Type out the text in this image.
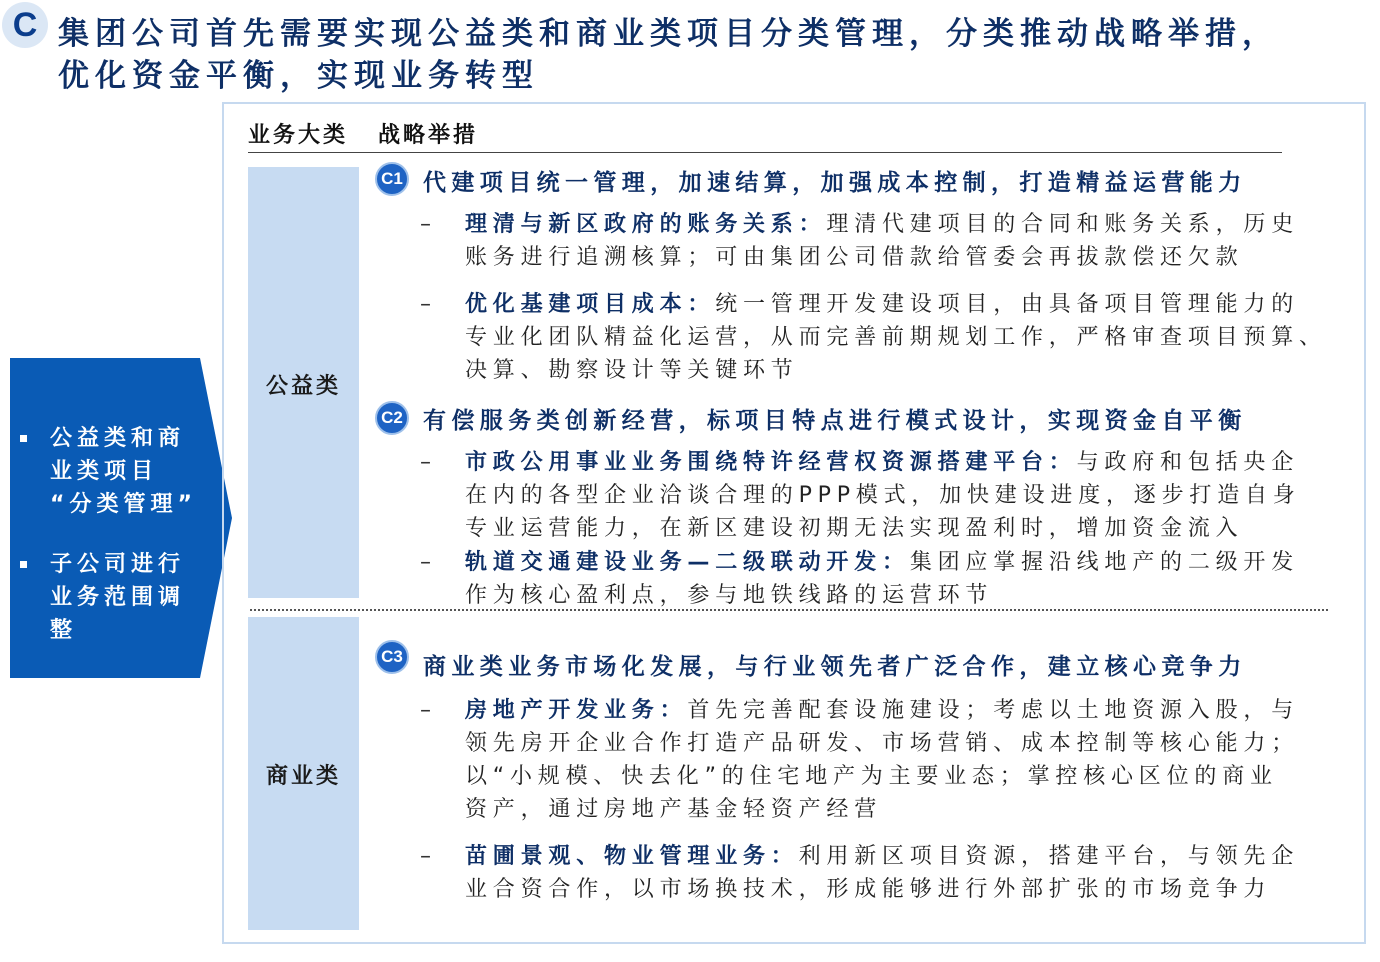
C 集团公司首先需要实现公益类和商业类项目分类管理，分类推动战略举措，
优化资金平衡，实现业务转型
公益类和商
业类项目
“分类管理”
子公司进行
业务范围调
整
业务大类 战略举措
公益类
商业类
C1 代建项目统一管理，加速结算，加强成本控制，打造精益运营能力
– 理清与新区政府的账务关系：理清代建项目的合同和账务关系，历史
账务进行追溯核算；可由集团公司借款给管委会再拔款偿还欠款
– 优化基建项目成本：统一管理开发建设项目，由具备项目管理能力的
专业化团队精益化运营，从而完善前期规划工作，严格审查项目预算、
决算、勘察设计等关键环节
C2 有偿服务类创新经营，标项目特点进行模式设计，实现资金自平衡
– 市政公用事业业务围绕特许经营权资源搭建平台：与政府和包括央企
在内的各型企业洽谈合理的PPP模式，加快建设进度，逐步打造自身
专业运营能力，在新区建设初期无法实现盈利时，增加资金流入
– 轨道交通建设业务—二级联动开发：集团应掌握沿线地产的二级开发
作为核心盈利点，参与地铁线路的运营环节
C3 商业类业务市场化发展，与行业领先者广泛合作，建立核心竞争力
– 房地产开发业务：首先完善配套设施建设；考虑以土地资源入股，与
领先房开企业合作打造产品研发、市场营销、成本控制等核心能力；
以“小规模、快去化”的住宅地产为主要业态；掌控核心区位的商业
资产，通过房地产基金轻资产经营
– 苗圃景观、物业管理业务：利用新区项目资源，搭建平台，与领先企
业合资合作，以市场换技术，形成能够进行外部扩张的市场竞争力
